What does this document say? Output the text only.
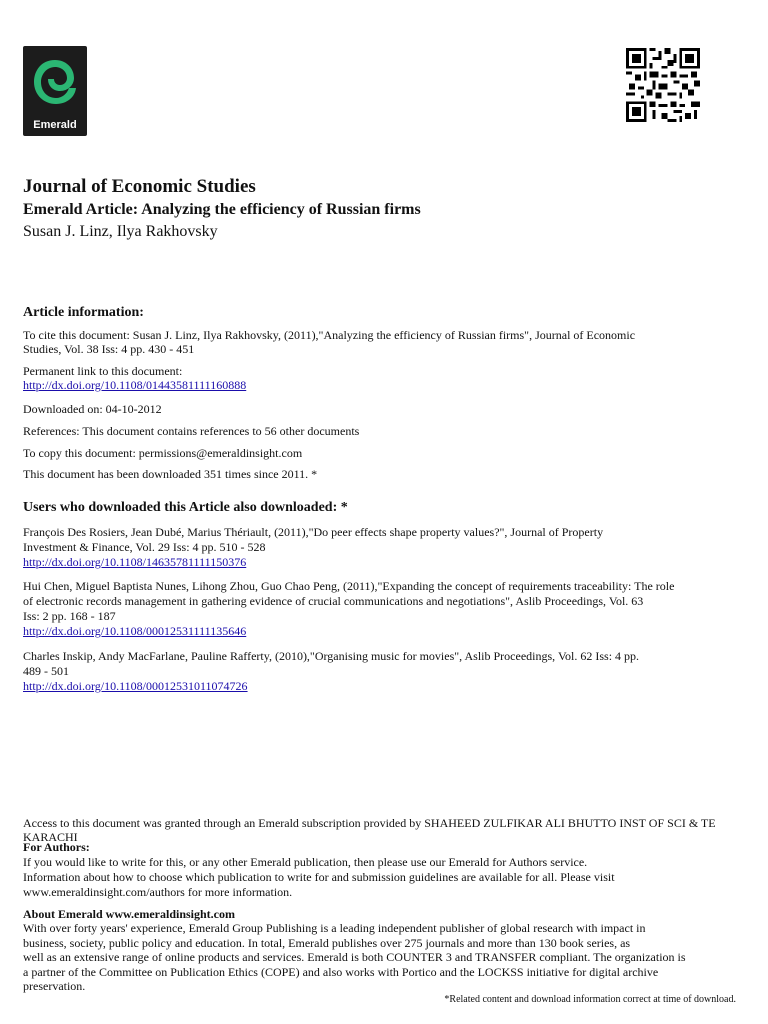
Emerald
Journal of Economic Studies
Emerald Article: Analyzing the efficiency of Russian firms
Susan J. Linz, Ilya Rakhovsky
Article information:
To cite this document: Susan J. Linz, Ilya Rakhovsky, (2011),"Analyzing the efficiency of Russian firms", Journal of Economic
Studies, Vol. 38 Iss: 4 pp. 430 - 451
Permanent link to this document:
http://dx.doi.org/10.1108/01443581111160888
Downloaded on: 04-10-2012
References: This document contains references to 56 other documents
To copy this document: permissions@emeraldinsight.com
This document has been downloaded 351 times since 2011. *
Users who downloaded this Article also downloaded: *
François Des Rosiers, Jean Dubé, Marius Thériault, (2011),"Do peer effects shape property values?", Journal of Property
Investment & Finance, Vol. 29 Iss: 4 pp. 510 - 528
http://dx.doi.org/10.1108/14635781111150376
Hui Chen, Miguel Baptista Nunes, Lihong Zhou, Guo Chao Peng, (2011),"Expanding the concept of requirements traceability: The role
of electronic records management in gathering evidence of crucial communications and negotiations", Aslib Proceedings, Vol. 63
Iss: 2 pp. 168 - 187
http://dx.doi.org/10.1108/00012531111135646
Charles Inskip, Andy MacFarlane, Pauline Rafferty, (2010),"Organising music for movies", Aslib Proceedings, Vol. 62 Iss: 4 pp.
489 - 501
http://dx.doi.org/10.1108/00012531011074726
Access to this document was granted through an Emerald subscription provided by SHAHEED ZULFIKAR ALI BHUTTO INST OF SCI & TE
KARACHI
For Authors:
If you would like to write for this, or any other Emerald publication, then please use our Emerald for Authors service.
Information about how to choose which publication to write for and submission guidelines are available for all. Please visit
www.emeraldinsight.com/authors for more information.
About Emerald www.emeraldinsight.com
With over forty years' experience, Emerald Group Publishing is a leading independent publisher of global research with impact in
business, society, public policy and education. In total, Emerald publishes over 275 journals and more than 130 book series, as
well as an extensive range of online products and services. Emerald is both COUNTER 3 and TRANSFER compliant. The organization is
a partner of the Committee on Publication Ethics (COPE) and also works with Portico and the LOCKSS initiative for digital archive
preservation.
*Related content and download information correct at time of download.
